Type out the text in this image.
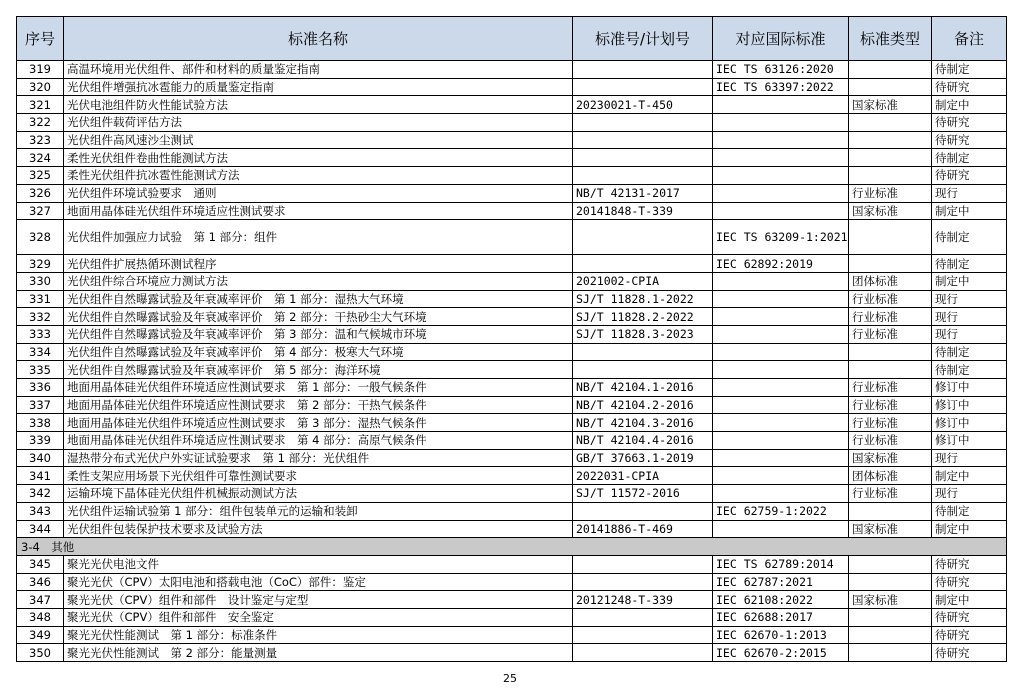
序号	标准名称	标准号/计划号	对应国际标准	标准类型	备注
319	高温环境用光伏组件、部件和材料的质量鉴定指南		IEC TS 63126:2020		待制定
320	光伏组件增强抗冰雹能力的质量鉴定指南		IEC TS 63397:2022		待研究
321	光伏电池组件防火性能试验方法	20230021-T-450		国家标准	制定中
322	光伏组件载荷评估方法				待研究
323	光伏组件高风速沙尘测试				待研究
324	柔性光伏组件卷曲性能测试方法				待制定
325	柔性光伏组件抗冰雹性能测试方法				待研究
326	光伏组件环境试验要求　通则	NB/T 42131-2017		行业标准	现行
327	地面用晶体硅光伏组件环境适应性测试要求	20141848-T-339		国家标准	制定中
328	光伏组件加强应力试验　第 1 部分：组件		IEC TS 63209-1:2021		待制定
329	光伏组件扩展热循环测试程序		IEC 62892:2019		待制定
330	光伏组件综合环境应力测试方法	2021002-CPIA		团体标准	制定中
331	光伏组件自然曝露试验及年衰减率评价　第 1 部分：湿热大气环境	SJ/T 11828.1-2022		行业标准	现行
332	光伏组件自然曝露试验及年衰减率评价　第 2 部分：干热砂尘大气环境	SJ/T 11828.2-2022		行业标准	现行
333	光伏组件自然曝露试验及年衰减率评价　第 3 部分：温和气候城市环境	SJ/T 11828.3-2023		行业标准	现行
334	光伏组件自然曝露试验及年衰减率评价　第 4 部分：极寒大气环境				待制定
335	光伏组件自然曝露试验及年衰减率评价　第 5 部分：海洋环境				待制定
336	地面用晶体硅光伏组件环境适应性测试要求　第 1 部分：一般气候条件	NB/T 42104.1-2016		行业标准	修订中
337	地面用晶体硅光伏组件环境适应性测试要求　第 2 部分：干热气候条件	NB/T 42104.2-2016		行业标准	修订中
338	地面用晶体硅光伏组件环境适应性测试要求　第 3 部分：湿热气候条件	NB/T 42104.3-2016		行业标准	修订中
339	地面用晶体硅光伏组件环境适应性测试要求　第 4 部分：高原气候条件	NB/T 42104.4-2016		行业标准	修订中
340	湿热带分布式光伏户外实证试验要求　第 1 部分：光伏组件	GB/T 37663.1-2019		国家标准	现行
341	柔性支架应用场景下光伏组件可靠性测试要求	2022031-CPIA		团体标准	制定中
342	运输环境下晶体硅光伏组件机械振动测试方法	SJ/T 11572-2016		行业标准	现行
343	光伏组件运输试验第 1 部分：组件包装单元的运输和装卸		IEC 62759-1:2022		待制定
344	光伏组件包装保护技术要求及试验方法	20141886-T-469		国家标准	制定中
3-4　其他					
345	聚光光伏电池文件		IEC TS 62789:2014		待研究
346	聚光光伏（CPV）太阳电池和搭载电池（CoC）部件：鉴定		IEC 62787:2021		待研究
347	聚光光伏（CPV）组件和部件　设计鉴定与定型	20121248-T-339	IEC 62108:2022	国家标准	制定中
348	聚光光伏（CPV）组件和部件　安全鉴定		IEC 62688:2017		待研究
349	聚光光伏性能测试　第 1 部分：标准条件		IEC 62670-1:2013		待研究
350	聚光光伏性能测试　第 2 部分：能量测量		IEC 62670-2:2015		待研究
25
